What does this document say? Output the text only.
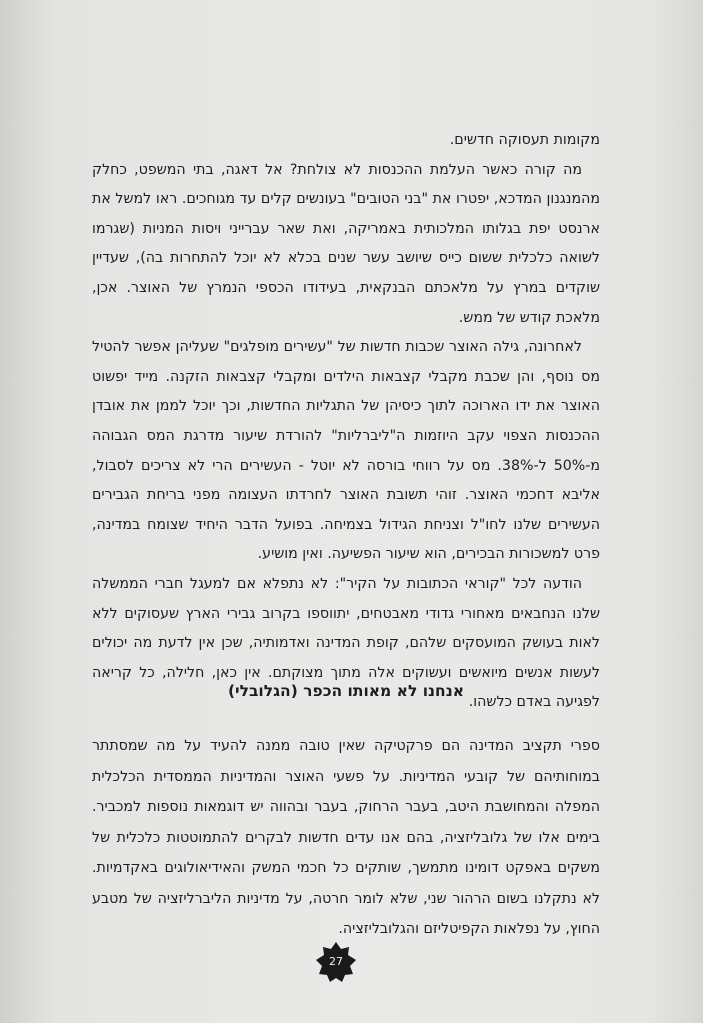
מקומות תעסוקה חדשים.

מה קורה כאשר העלמת ההכנסות לא צולחת? אל דאגה, בתי המשפט, כחלק מהמנגנון המדכא, יפטרו את "בני הטובים" בעונשים קלים עד מגוחכים. ראו למשל את ארנסט יפת בגלותו המלכותית באמריקה, ואת שאר עברייני ויסות המניות (שגרמו לשואה כלכלית ששום כייס שיושב עשר שנים בכלא לא יוכל להתחרות בה), שעדיין שוקדים במרץ על מלאכתם הבנקאית, בעידודו הכספי הנמרץ של האוצר. אכן, מלאכת קודש של ממש.

לאחרונה, גילה האוצר שכבות חדשות של "עשירים מופלגים" שעליהן אפשר להטיל מס נוסף, והן שכבת מקבלי קצבאות הילדים ומקבלי קצבאות הזקנה. מייד יפשוט האוצר את ידו הארוכה לתוך כיסיהן של התגליות החדשות, וכך יוכל לממן את אובדן ההכנסות הצפוי עקב היוזמות ה"ליברליות" להורדת שיעור מדרגת המס הגבוהה מ-50% ל-38%. מס על רווחי בורסה לא יוטל - העשירים הרי לא צריכים לסבול, אליבא דחכמי האוצר. זוהי תשובת האוצר לחרדתו העצומה מפני בריחת הגבירים העשירים שלנו לחו"ל וצניחת הגידול בצמיחה. בפועל הדבר היחיד שצומח במדינה, פרט למשכורות הבכירים, הוא שיעור הפשיעה. ואין מושיע.

הודעה לכל "קוראי הכתובות על הקיר": לא נתפלא אם למעגל חברי הממשלה שלנו הנחבאים מאחורי גדודי מאבטחים, יתווספו בקרוב גבירי הארץ שעסוקים ללא לאות בעושק המועסקים שלהם, קופת המדינה ואדמותיה, שכן אין לדעת מה יכולים לעשות אנשים מיואשים ועשוקים אלה מתוך מצוקתם. אין כאן, חלילה, כל קריאה לפגיעה באדם כלשהו.

אנחנו לא מאותו הכפר (הגלובלי)

ספרי תקציב המדינה הם פרקטיקה שאין טובה ממנה להעיד על מה שמסתתר במוחותיהם של קובעי המדיניות. על פשעי האוצר והמדיניות הממסדית הכלכלית המפלה והמחושבת היטב, בעבר הרחוק, בעבר ובהווה יש דוגמאות נוספות למכביר. בימים אלו של גלובליזציה, בהם אנו עדים חדשות לבקרים להתמוטטות כלכלית של משקים באפקט דומינו מתמשך, שותקים כל חכמי המשק והאידיאולוגים באקדמיות. לא נתקלנו בשום הרהור שני, שלא לומר חרטה, על מדיניות הליברליזציה של מטבע החוץ, על נפלאות הקפיטליזם והגלובליזציה.

27
